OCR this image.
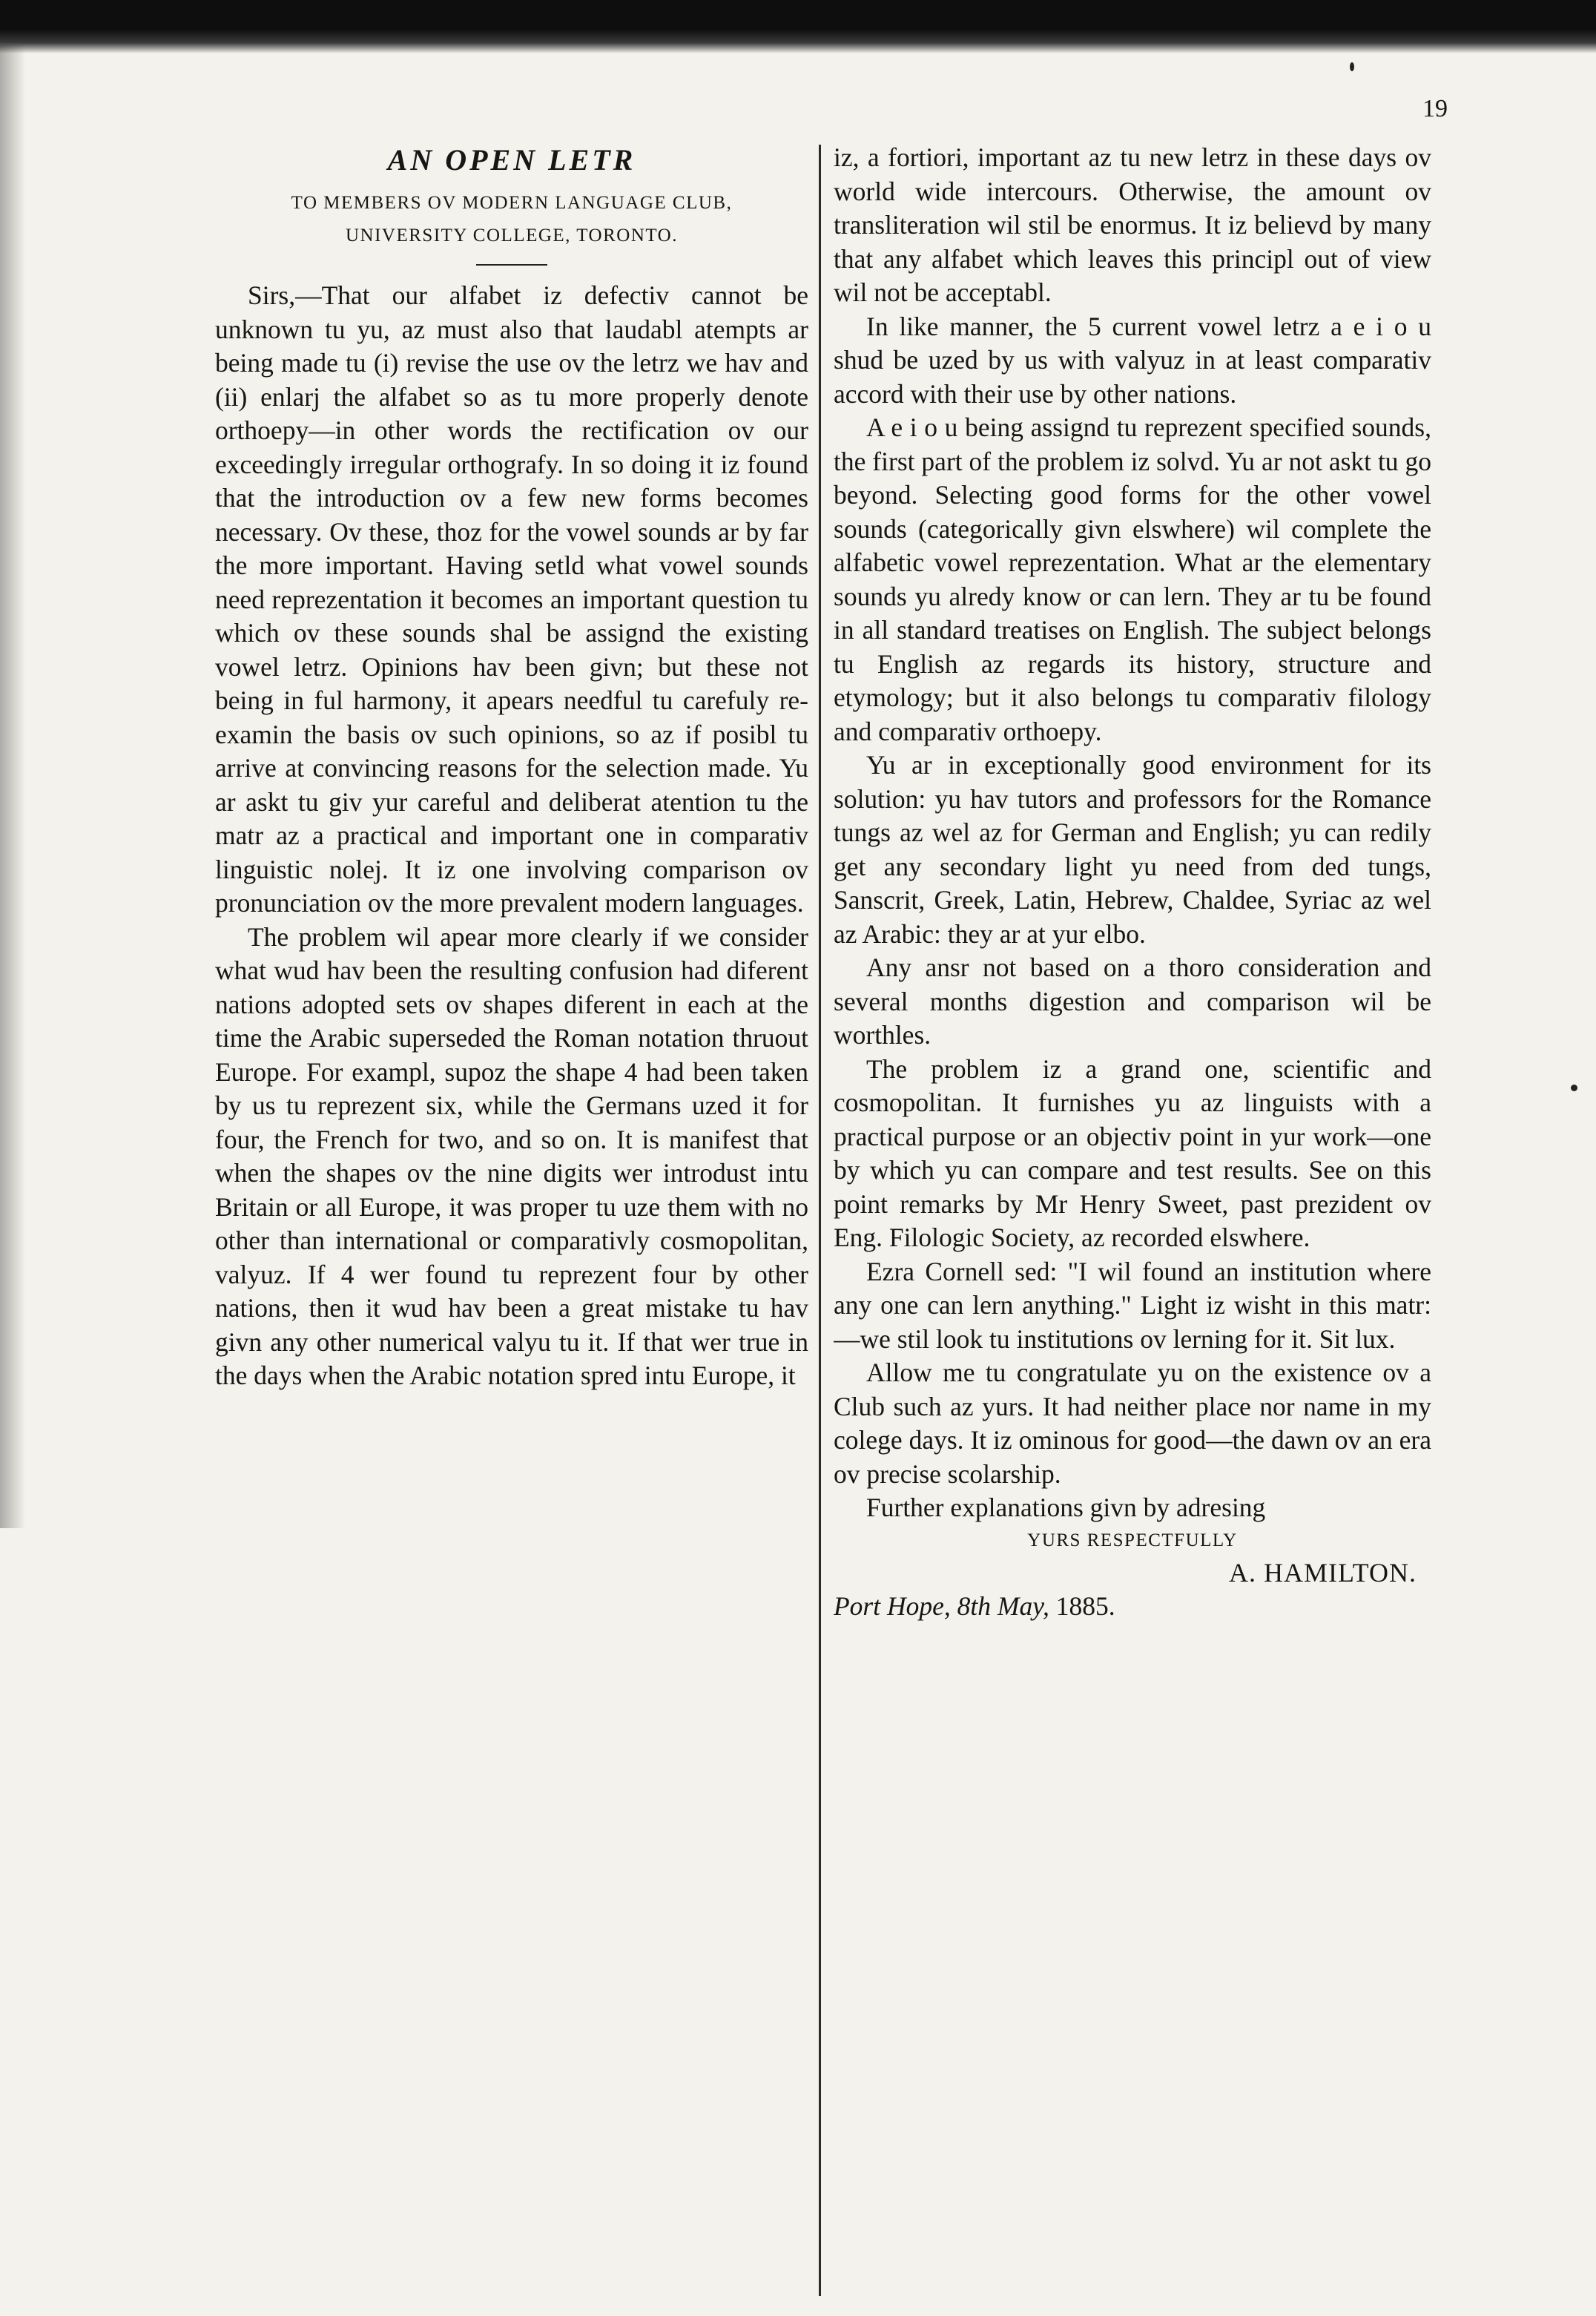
19
AN OPEN LETR

TO MEMBERS OV MODERN LANGUAGE CLUB,

UNIVERSITY COLLEGE, TORONTO.

Sirs,—That our alfabet iz defectiv cannot be unknown tu yu, az must also that laudabl atempts ar being made tu (i) revise the use ov the letrz we hav and (ii) enlarj the alfabet so as tu more properly denote orthoepy—in other words the rectification ov our exceedingly irregular orthografy. In so doing it iz found that the introduction ov a few new forms becomes necessary. Ov these, thoz for the vowel sounds ar by far the more important. Having setld what vowel sounds need reprezentation it becomes an important question tu which ov these sounds shal be assignd the existing vowel letrz. Opinions hav been givn; but these not being in ful harmony, it apears needful tu carefuly re-examin the basis ov such opinions, so az if posibl tu arrive at convincing reasons for the selection made. Yu ar askt tu giv yur careful and deliberat atention tu the matr az a practical and important one in comparativ linguistic nolej. It iz one involving comparison ov pronunciation ov the more prevalent modern languages.

The problem wil apear more clearly if we consider what wud hav been the resulting confusion had diferent nations adopted sets ov shapes diferent in each at the time the Arabic superseded the Roman notation thruout Europe. For exampl, supoz the shape 4 had been taken by us tu reprezent six, while the Germans uzed it for four, the French for two, and so on. It is manifest that when the shapes ov the nine digits wer introdust intu Britain or all Europe, it was proper tu uze them with no other than international or comparativly cosmopolitan, valyuz. If 4 wer found tu reprezent four by other nations, then it wud hav been a great mistake tu hav givn any other numerical valyu tu it. If that wer true in the days when the Arabic notation spred intu Europe, it

iz, a fortiori, important az tu new letrz in these days ov world wide intercours. Otherwise, the amount ov transliteration wil stil be enormus. It iz believd by many that any alfabet which leaves this principl out of view wil not be acceptabl.

In like manner, the 5 current vowel letrz a e i o u shud be uzed by us with valyuz in at least comparativ accord with their use by other nations.

A e i o u being assignd tu reprezent specified sounds, the first part of the problem iz solvd. Yu ar not askt tu go beyond. Selecting good forms for the other vowel sounds (categorically givn elswhere) wil complete the alfabetic vowel reprezentation. What ar the elementary sounds yu alredy know or can lern. They ar tu be found in all standard treatises on English. The subject belongs tu English az regards its history, structure and etymology; but it also belongs tu comparativ filology and comparativ orthoepy.

Yu ar in exceptionally good environment for its solution: yu hav tutors and professors for the Romance tungs az wel az for German and English; yu can redily get any secondary light yu need from ded tungs, Sanscrit, Greek, Latin, Hebrew, Chaldee, Syriac az wel az Arabic: they ar at yur elbo.

Any ansr not based on a thoro consideration and several months digestion and comparison wil be worthles.

The problem iz a grand one, scientific and cosmopolitan. It furnishes yu az linguists with a practical purpose or an objectiv point in yur work—one by which yu can compare and test results. See on this point remarks by Mr Henry Sweet, past prezident ov Eng. Filologic Society, az recorded elswhere.

Ezra Cornell sed: "I wil found an institution where any one can lern anything." Light iz wisht in this matr:—we stil look tu institutions ov lerning for it. Sit lux.

Allow me tu congratulate yu on the existence ov a Club such az yurs. It had neither place nor name in my colege days. It iz ominous for good—the dawn ov an era ov precise scolarship.

Further explanations givn by adresing

YURS RESPECTFULLY

A. HAMILTON.

Port Hope, 8th May, 1885.
